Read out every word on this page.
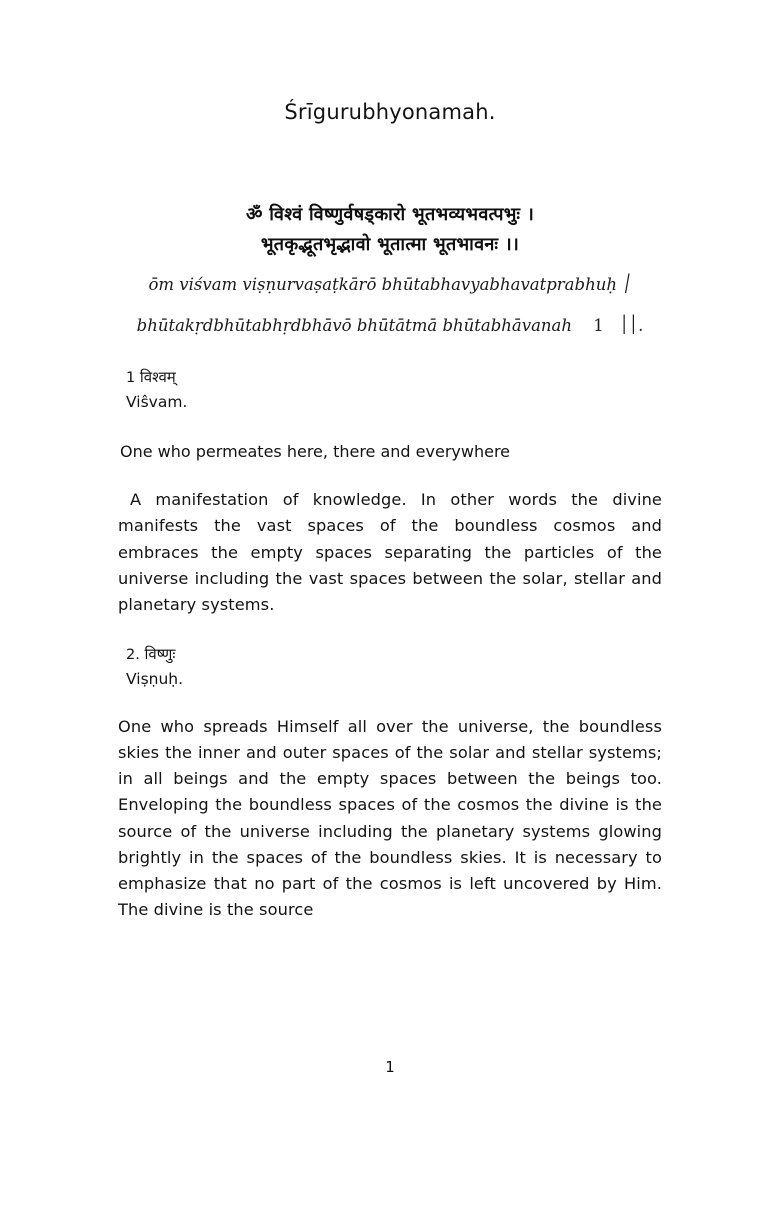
Śrīgurubhyonamah.
ॐ विश्वं विष्णुर्वषड्कारो भूतभव्यभवत्पभुः ।
भूतकृद्भूतभृद्भावो भूतात्मा भूतभावनः ।।
ōm viśvam viṣṇurvaṣaṭkārō bhūtabhavyabhavatprabhuḥ ׀
bhūtakṛdbhūtabhṛdbhāvō bhūtātmā bhūtabhāvanah ׀׀   1.
1 विश्वम्
Viŝvam.
One who permeates here, there and everywhere
A manifestation of knowledge. In other words the divine manifests the vast spaces of the boundless cosmos and embraces the empty spaces separating the particles of the universe including the vast spaces between the solar, stellar and planetary systems.
2. विष्णुः
Viṣṇuḥ.
One who spreads Himself all over the universe, the boundless skies the inner and outer spaces of the solar and stellar systems; in all beings and the empty spaces between the beings too. Enveloping the boundless spaces of the cosmos the divine is the source of the universe including the planetary systems glowing brightly in the spaces of the boundless skies. It is necessary to emphasize that no part of the cosmos is left uncovered by Him. The divine is the source
1
